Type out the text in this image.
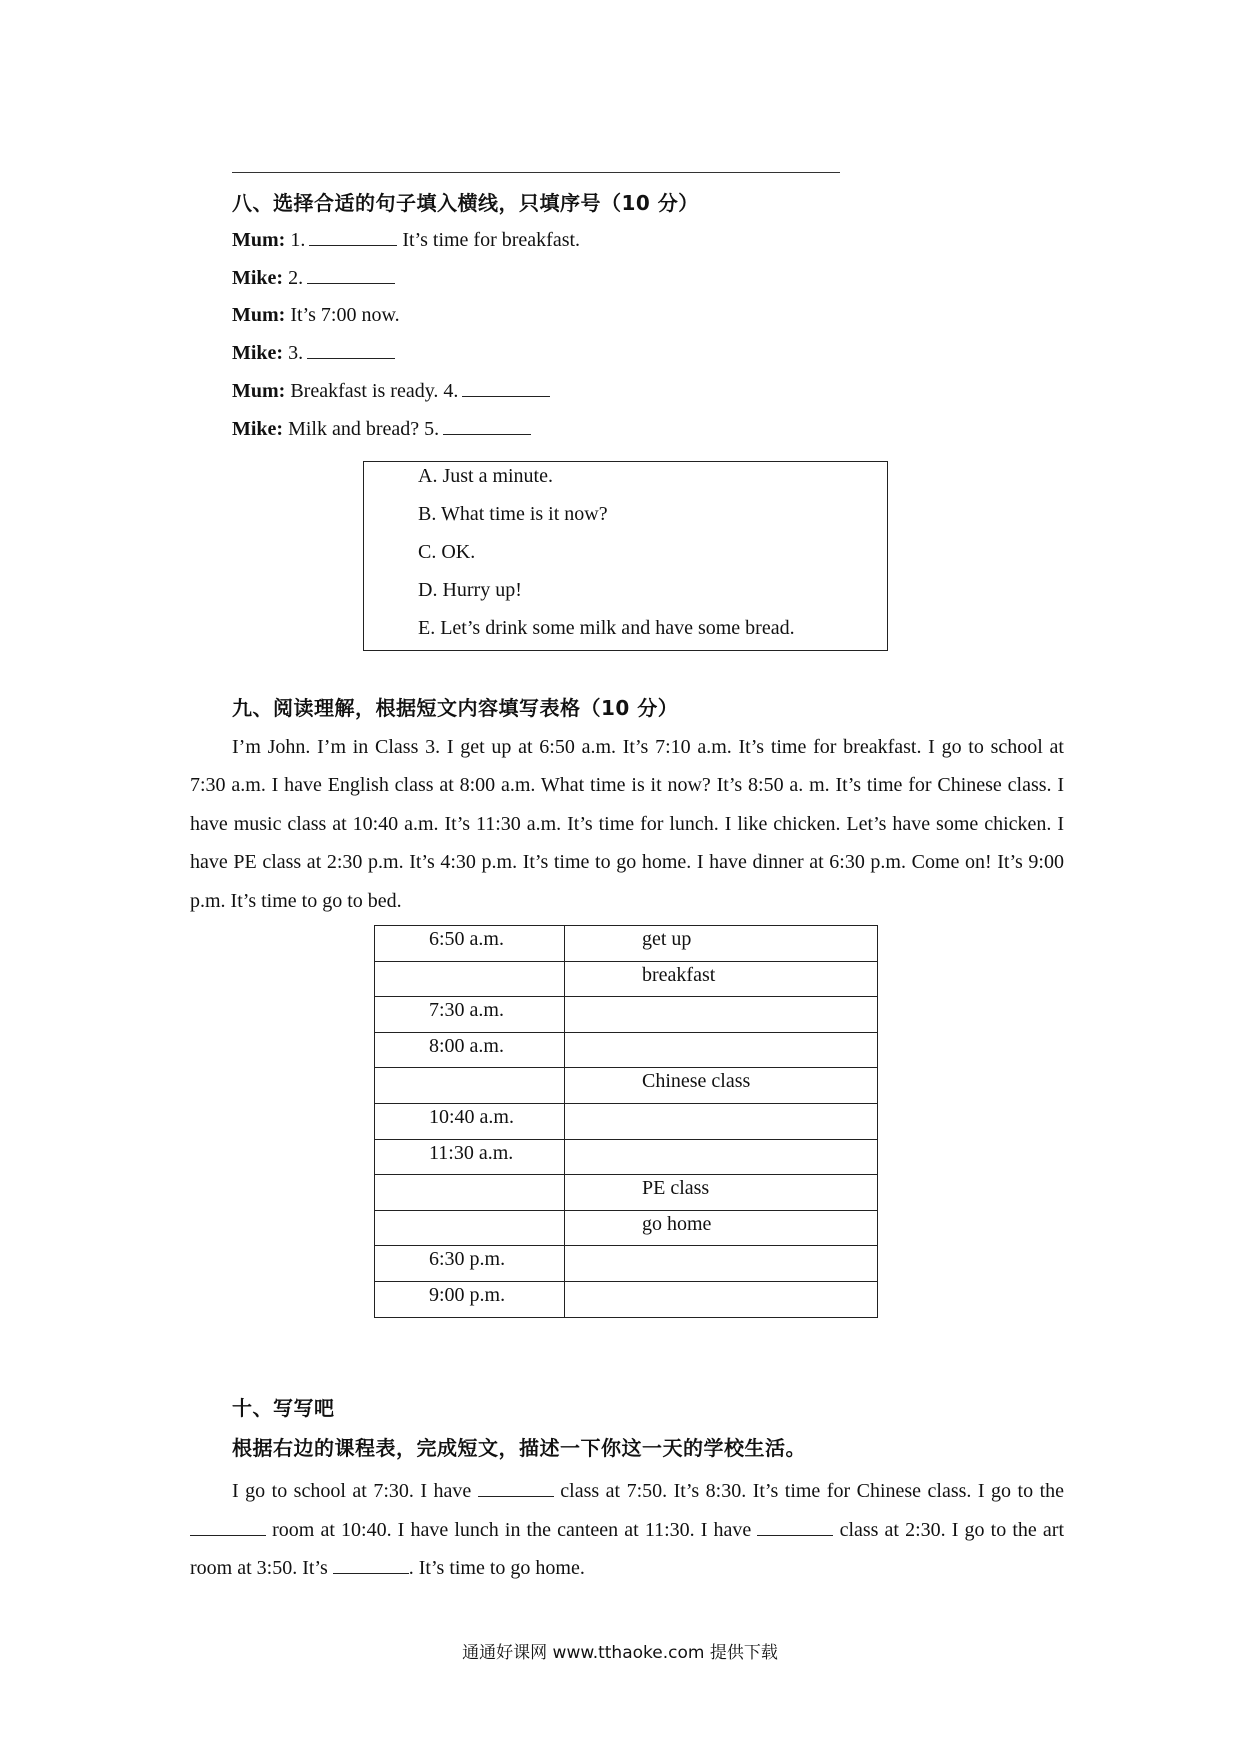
八、选择合适的句子填入横线，只填序号（10 分）
Mum: 1.	It’s time for breakfast.
Mike: 2.
Mum: It’s 7:00 now.
Mike: 3.
Mum: Breakfast is ready. 4.
Mike: Milk and bread? 5.
A. Just a minute.
B. What time is it now?
C. OK.
D. Hurry up!
E. Let’s drink some milk and have some bread.
九、阅读理解，根据短文内容填写表格（10 分）
I’m John. I’m in Class 3. I get up at 6:50 a.m. It’s 7:10 a.m. It’s time for breakfast. I go to school at 7:30 a.m. I have English class at 8:00 a.m. What time is it now? It’s 8:50 a. m. It’s time for Chinese class. I have music class at 10:40 a.m. It’s 11:30 a.m. It’s time for lunch. I like chicken. Let’s have some chicken. I have PE class at 2:30 p.m. It’s 4:30 p.m. It’s time to go home. I have dinner at 6:30 p.m. Come on! It’s 9:00 p.m. It’s time to go to bed.
6:50 a.m.	get up
	breakfast
7:30 a.m.	
8:00 a.m.	
	Chinese class
10:40 a.m.	
11:30 a.m.	
	PE class
	go home
6:30 p.m.	
9:00 p.m.	
十、写写吧
根据右边的课程表，完成短文，描述一下你这一天的学校生活。
I go to school at 7:30. I have	class at 7:50. It’s 8:30. It’s time for Chinese class. I go to the  room at 10:40. I have lunch in the canteen at 11:30. I have	class at 2:30. I go to the art room at 3:50. It’s	. It’s time to go home.
通通好课网 www.tthaoke.com 提供下载
